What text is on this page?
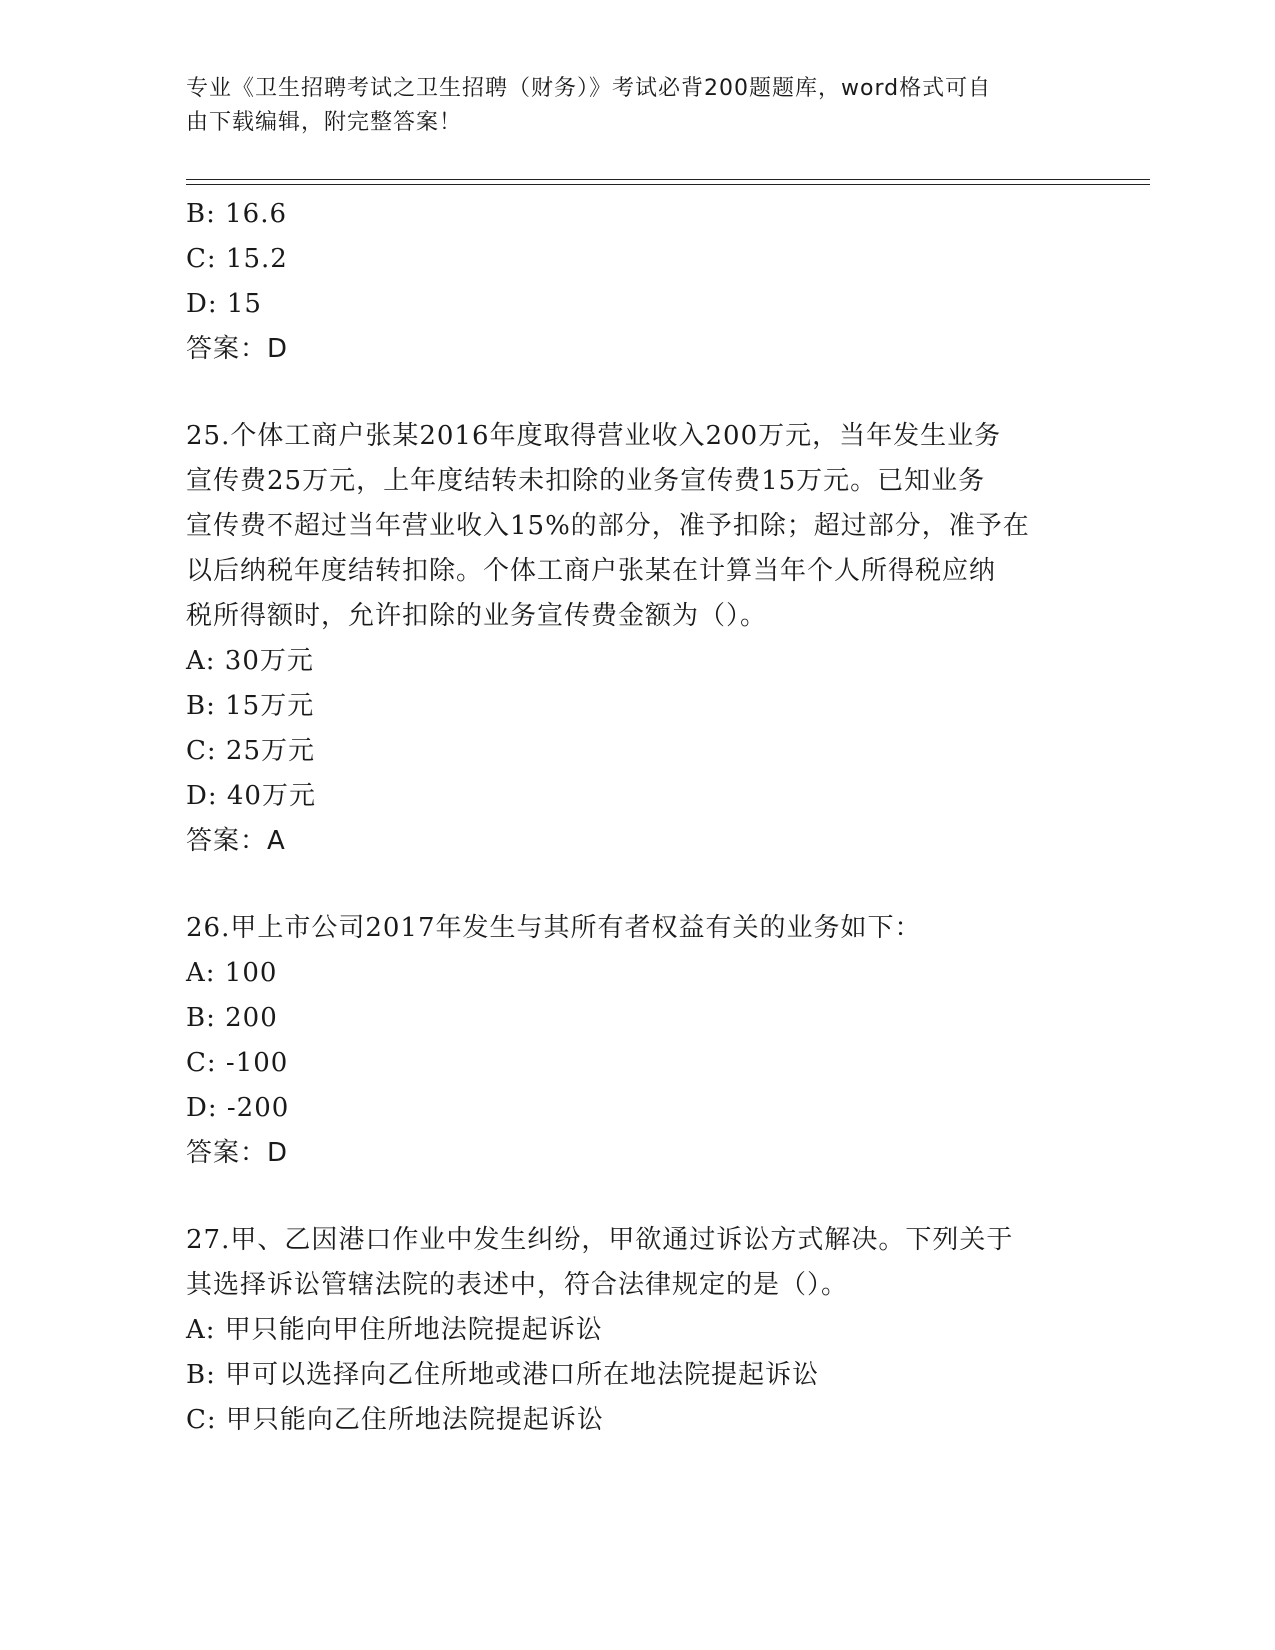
专业《卫生招聘考试之卫生招聘（财务）》考试必背200题题库，word格式可自
由下载编辑，附完整答案！
B: 16.6
C: 15.2
D: 15
答案：D
25.个体工商户张某2016年度取得营业收入200万元，当年发生业务
宣传费25万元，上年度结转未扣除的业务宣传费15万元。已知业务
宣传费不超过当年营业收入15%的部分，准予扣除；超过部分，准予在
以后纳税年度结转扣除。个体工商户张某在计算当年个人所得税应纳
税所得额时，允许扣除的业务宣传费金额为（）。
A: 30万元
B: 15万元
C: 25万元
D: 40万元
答案：A
26.甲上市公司2017年发生与其所有者权益有关的业务如下：
A: 100
B: 200
C: -100
D: -200
答案：D
27.甲、乙因港口作业中发生纠纷，甲欲通过诉讼方式解决。下列关于
其选择诉讼管辖法院的表述中，符合法律规定的是（）。
A: 甲只能向甲住所地法院提起诉讼
B: 甲可以选择向乙住所地或港口所在地法院提起诉讼
C: 甲只能向乙住所地法院提起诉讼
